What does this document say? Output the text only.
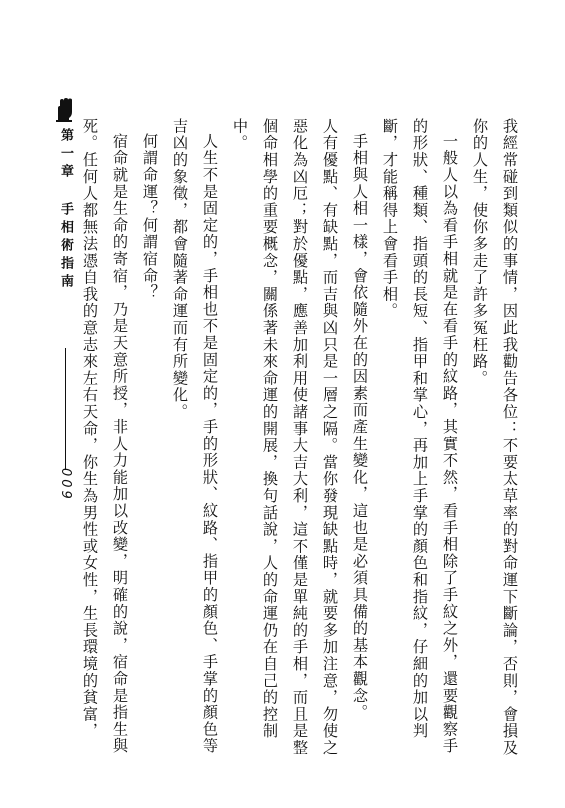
我經常碰到類似的事情，因此我勸告各位：不要太草率的對命運下斷論，否則，會損及你的人生，使你多走了許多冤枉路。

一般人以為看手相就是在看手的紋路，其實不然，看手相除了手紋之外，還要觀察手的形狀、種類、指頭的長短、指甲和掌心，再加上手掌的顏色和指紋，仔細的加以判斷，才能稱得上會看手相。

手相與人相一樣，會依隨外在的因素而產生變化，這也是必須具備的基本觀念。

人有優點、有缺點，而吉與凶只是一層之隔。當你發現缺點時，就要多加注意，勿使之惡化為凶厄；對於優點，應善加利用使諸事大吉大利，這不僅是單純的手相，而且是整個命相學的重要概念，關係著未來命運的開展，換句話說，人的命運仍在自己的控制中。

人生不是固定的，手相也不是固定的，手的形狀、紋路、指甲的顏色、手掌的顏色等吉凶的象徵，都會隨著命運而有所變化。

何謂命運？何謂宿命？

宿命就是生命的寄宿，乃是天意所授，非人力能加以改變，明確的說，宿命是指生與死。任何人都無法憑自我的意志來左右天命，你生為男性或女性，生長環境的貧富，

第一章手相術指南
009
